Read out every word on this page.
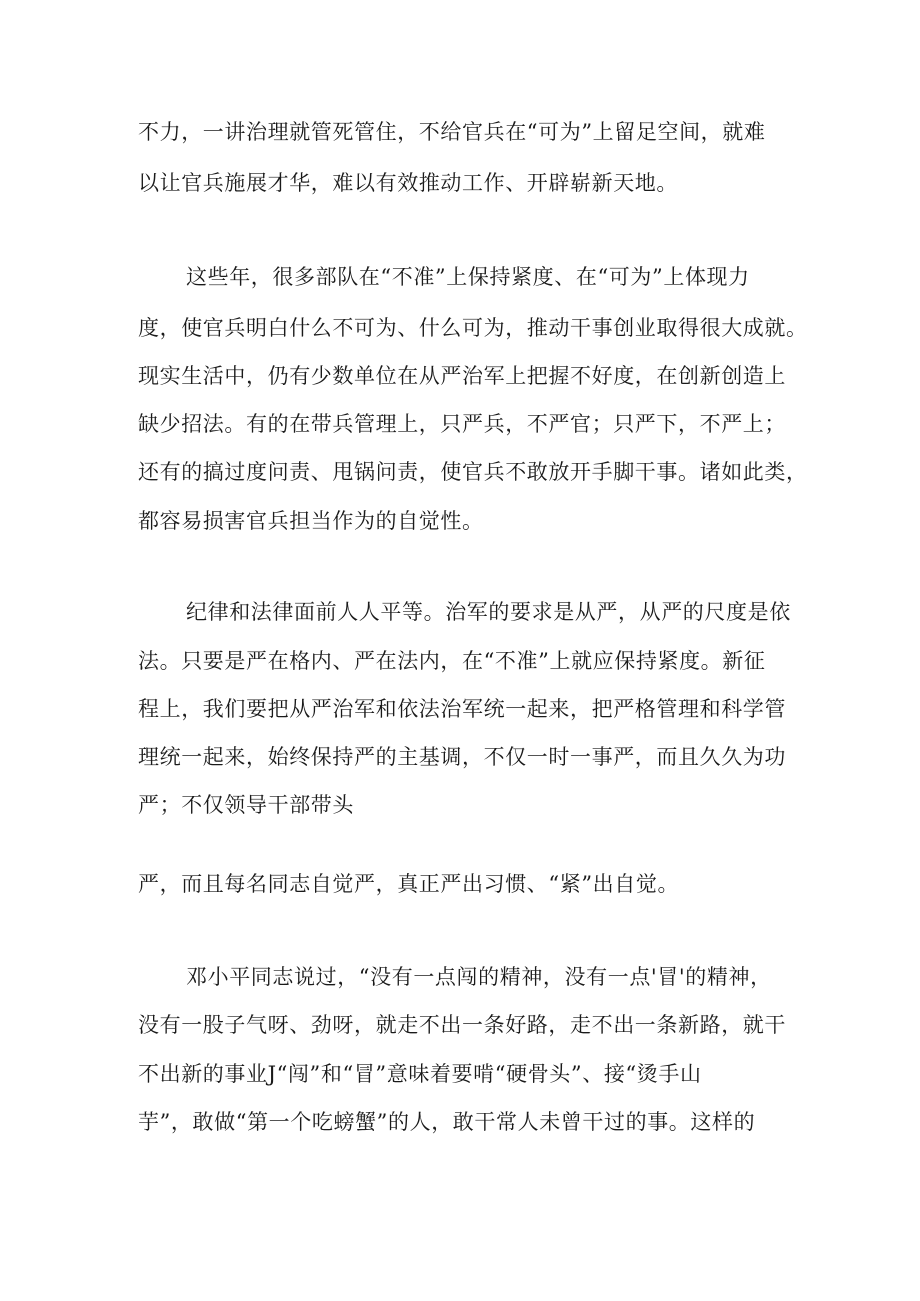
不力，一讲治理就管死管住，不给官兵在“可为”上留足空间，就难
以让官兵施展才华，难以有效推动工作、开辟崭新天地。
这些年，很多部队在“不准”上保持紧度、在“可为”上体现力
度，使官兵明白什么不可为、什么可为，推动干事创业取得很大成就。
现实生活中，仍有少数单位在从严治军上把握不好度，在创新创造上
缺少招法。有的在带兵管理上，只严兵，不严官；只严下，不严上；
还有的搞过度问责、甩锅问责，使官兵不敢放开手脚干事。诸如此类，
都容易损害官兵担当作为的自觉性。
纪律和法律面前人人平等。治军的要求是从严，从严的尺度是依
法。只要是严在格内、严在法内，在“不准”上就应保持紧度。新征
程上，我们要把从严治军和依法治军统一起来，把严格管理和科学管
理统一起来，始终保持严的主基调，不仅一时一事严，而且久久为功
严；不仅领导干部带头
严，而且每名同志自觉严，真正严出习惯、“紧”出自觉。
邓小平同志说过，“没有一点闯的精神，没有一点'冒'的精神，
没有一股子气呀、劲呀，就走不出一条好路，走不出一条新路，就干
不出新的事业J“闯”和“冒”意味着要啃“硬骨头”、接“烫手山
芋”，敢做“第一个吃螃蟹”的人，敢干常人未曾干过的事。这样的
